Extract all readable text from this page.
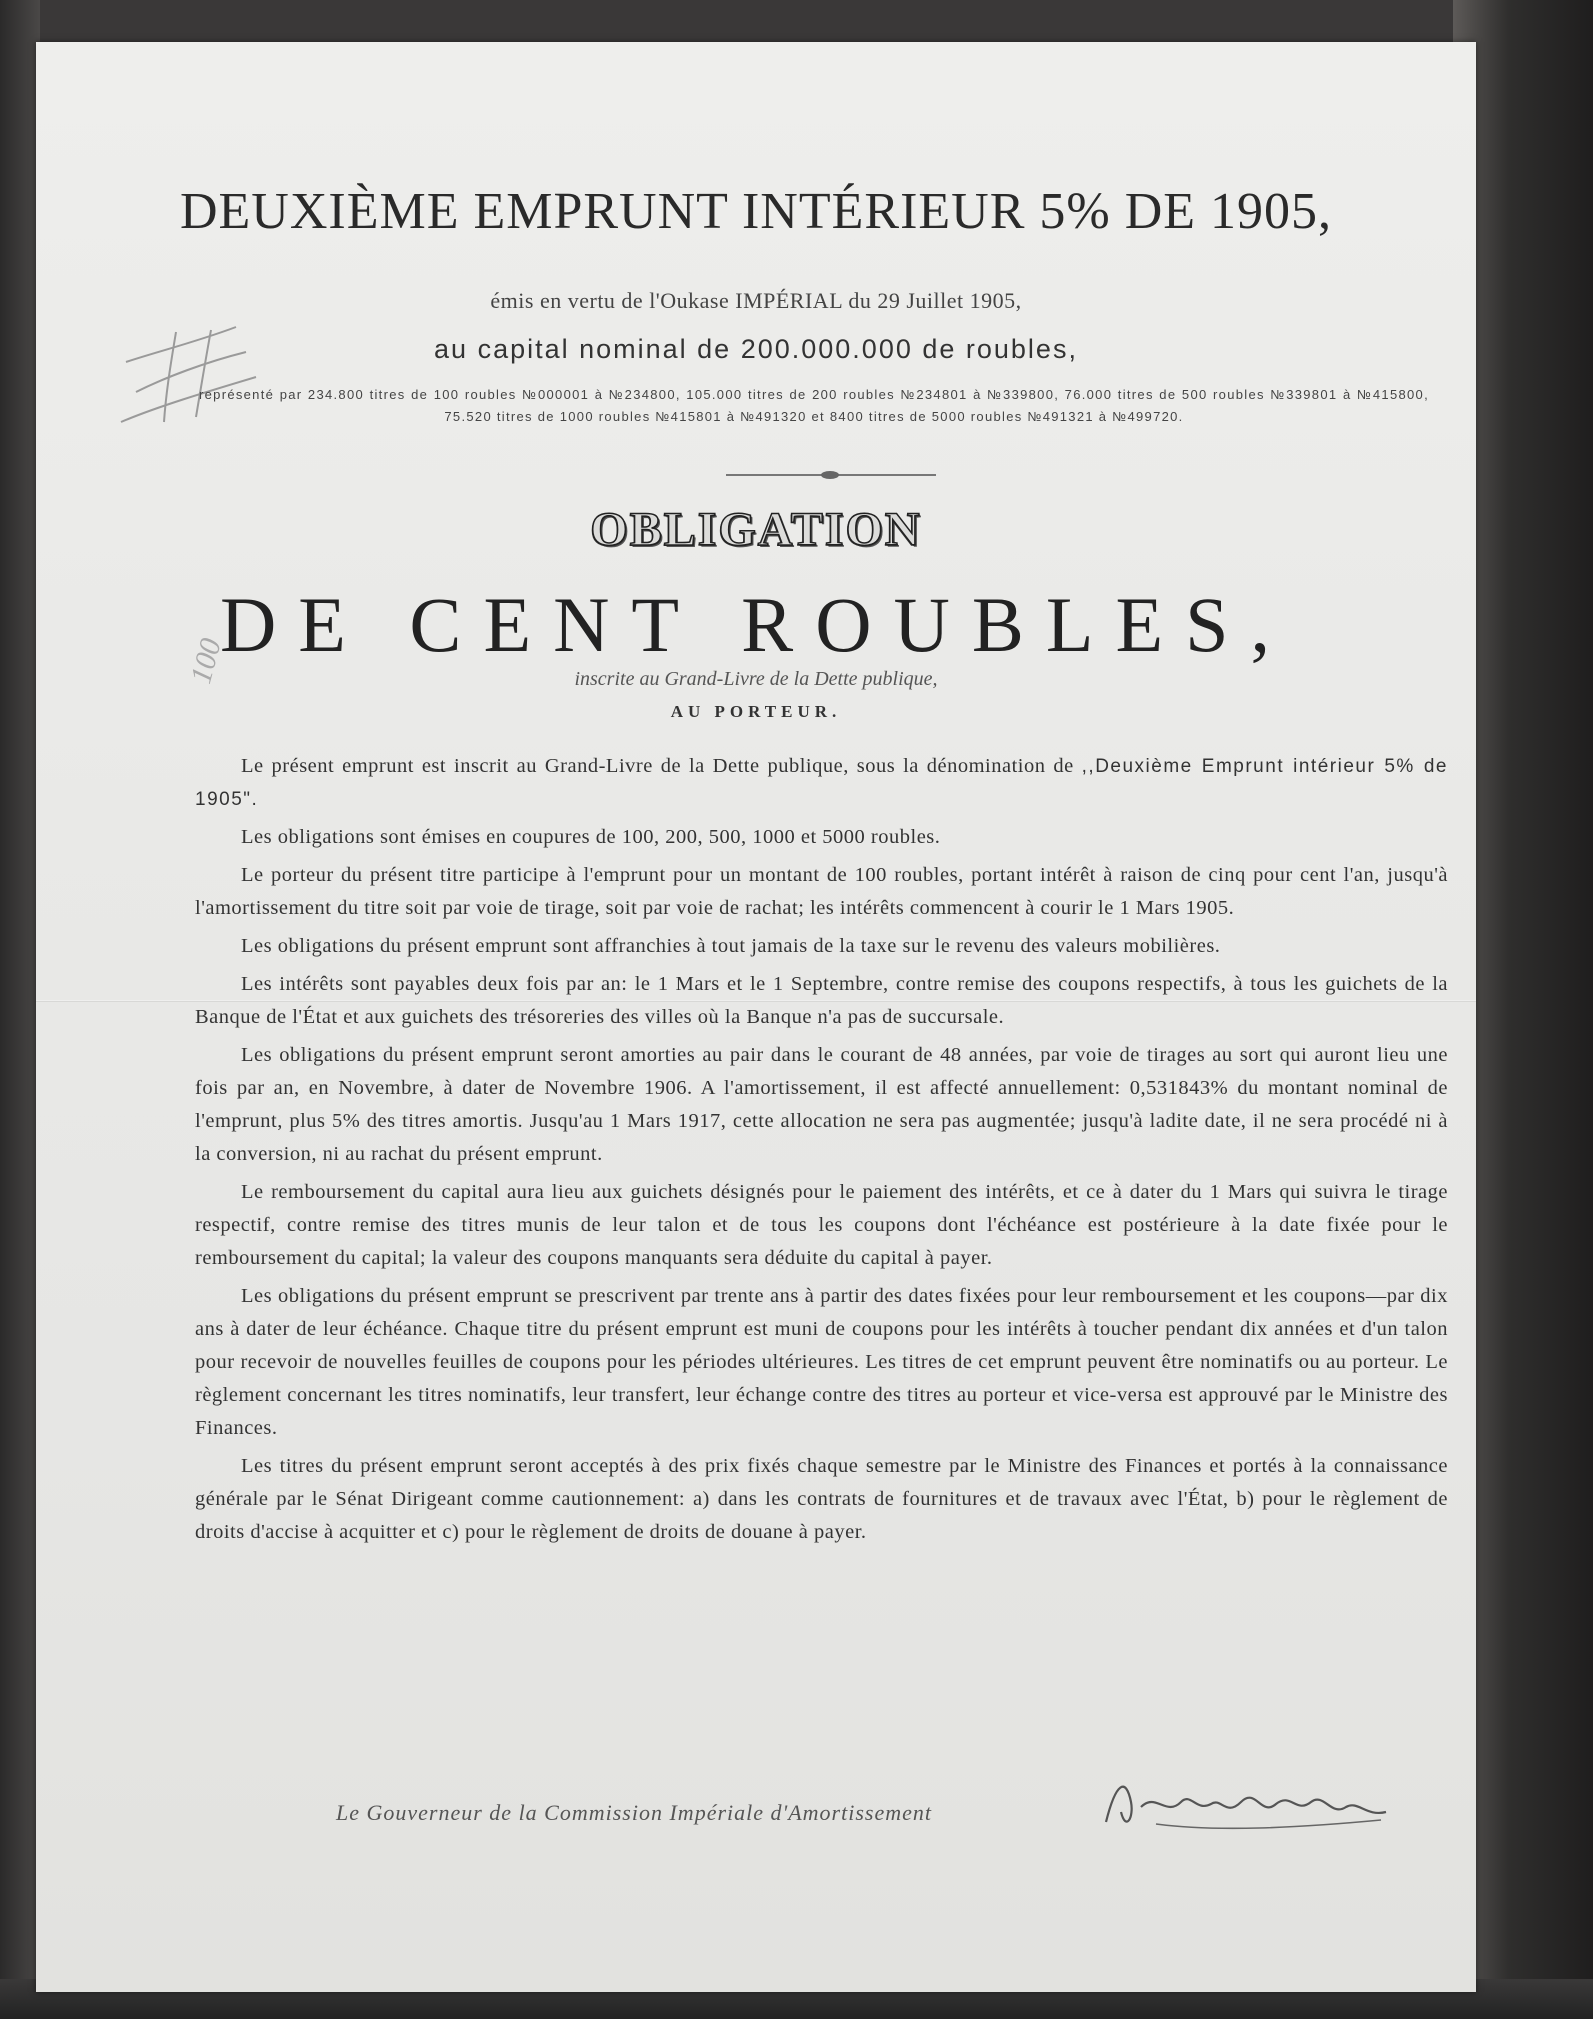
100
DEUXIÈME EMPRUNT INTÉRIEUR 5% DE 1905,
émis en vertu de l'Oukase IMPÉRIAL du 29 Juillet 1905,
au capital nominal de 200.000.000 de roubles,
représenté par 234.800 titres de 100 roubles №000001 à №234800, 105.000 titres de 200 roubles №234801 à №339800, 76.000 titres de 500 roubles №339801 à №415800, 75.520 titres de 1000 roubles №415801 à №491320 et 8400 titres de 5000 roubles №491321 à №499720.
OBLIGATION
DE CENT ROUBLES,
inscrite au Grand-Livre de la Dette publique,
AU PORTEUR.

Le présent emprunt est inscrit au Grand-Livre de la Dette publique, sous la dénomination de ,,Deuxième Emprunt intérieur 5% de 1905".

Les obligations sont émises en coupures de 100, 200, 500, 1000 et 5000 roubles.

Le porteur du présent titre participe à l'emprunt pour un montant de 100 roubles, portant intérêt à raison de cinq pour cent l'an, jusqu'à l'amortissement du titre soit par voie de tirage, soit par voie de rachat; les intérêts commencent à courir le 1 Mars 1905.

Les obligations du présent emprunt sont affranchies à tout jamais de la taxe sur le revenu des valeurs mobilières.

Les intérêts sont payables deux fois par an: le 1 Mars et le 1 Septembre, contre remise des coupons respectifs, à tous les guichets de la Banque de l'État et aux guichets des trésoreries des villes où la Banque n'a pas de succursale.

Les obligations du présent emprunt seront amorties au pair dans le courant de 48 années, par voie de tirages au sort qui auront lieu une fois par an, en Novembre, à dater de Novembre 1906. A l'amortissement, il est affecté annuellement: 0,531843% du montant nominal de l'emprunt, plus 5% des titres amortis. Jusqu'au 1 Mars 1917, cette allocation ne sera pas augmentée; jusqu'à ladite date, il ne sera procédé ni à la conversion, ni au rachat du présent emprunt.

Le remboursement du capital aura lieu aux guichets désignés pour le paiement des intérêts, et ce à dater du 1 Mars qui suivra le tirage respectif, contre remise des titres munis de leur talon et de tous les coupons dont l'échéance est postérieure à la date fixée pour le remboursement du capital; la valeur des coupons manquants sera déduite du capital à payer.

Les obligations du présent emprunt se prescrivent par trente ans à partir des dates fixées pour leur remboursement et les coupons—par dix ans à dater de leur échéance. Chaque titre du présent emprunt est muni de coupons pour les intérêts à toucher pendant dix années et d'un talon pour recevoir de nouvelles feuilles de coupons pour les périodes ultérieures. Les titres de cet emprunt peuvent être nominatifs ou au porteur. Le règlement concernant les titres nominatifs, leur transfert, leur échange contre des titres au porteur et vice-versa est approuvé par le Ministre des Finances.

Les titres du présent emprunt seront acceptés à des prix fixés chaque semestre par le Ministre des Finances et portés à la connaissance générale par le Sénat Dirigeant comme cautionnement: a) dans les contrats de fournitures et de travaux avec l'État, b) pour le règlement de droits d'accise à acquitter et c) pour le règlement de droits de douane à payer.

Le Gouverneur de la Commission Impériale d'Amortissement
